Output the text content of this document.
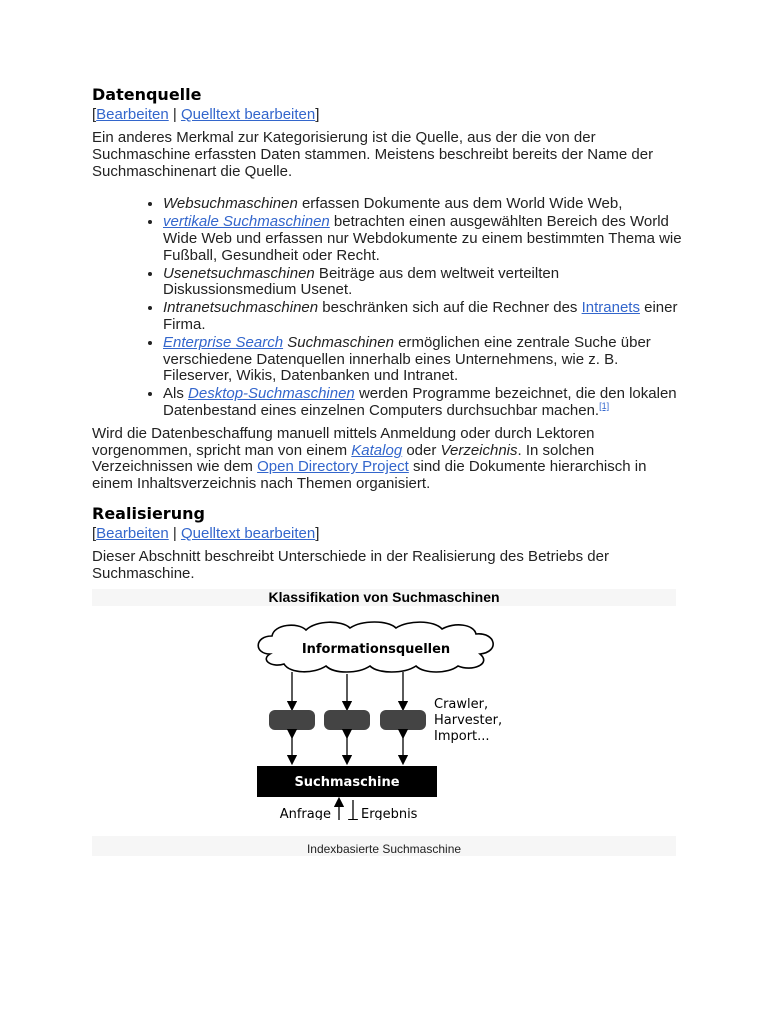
Datenquelle
[Bearbeiten | Quelltext bearbeiten]

Ein anderes Merkmal zur Kategorisierung ist die Quelle, aus der die von der Suchmaschine erfassten Daten stammen. Meistens beschreibt bereits der Name der Suchmaschinenart die Quelle.

• Websuchmaschinen erfassen Dokumente aus dem World Wide Web,
• vertikale Suchmaschinen betrachten einen ausgewählten Bereich des World Wide Web und erfassen nur Webdokumente zu einem bestimmten Thema wie Fußball, Gesundheit oder Recht.
• Usenetsuchmaschinen Beiträge aus dem weltweit verteilten Diskussionsmedium Usenet.
• Intranetsuchmaschinen beschränken sich auf die Rechner des Intranets einer Firma.
• Enterprise Search Suchmaschinen ermöglichen eine zentrale Suche über verschiedene Datenquellen innerhalb eines Unternehmens, wie z. B. Fileserver, Wikis, Datenbanken und Intranet.
• Als Desktop-Suchmaschinen werden Programme bezeichnet, die den lokalen Datenbestand eines einzelnen Computers durchsuchbar machen.[1]

Wird die Datenbeschaffung manuell mittels Anmeldung oder durch Lektoren vorgenommen, spricht man von einem Katalog oder Verzeichnis. In solchen Verzeichnissen wie dem Open Directory Project sind die Dokumente hierarchisch in einem Inhaltsverzeichnis nach Themen organisiert.

Realisierung
[Bearbeiten | Quelltext bearbeiten]

Dieser Abschnitt beschreibt Unterschiede in der Realisierung des Betriebs der Suchmaschine.

Klassifikation von Suchmaschinen
Informationsquellen
Crawler,
Harvester,
Import...
Suchmaschine
Anfrage Ergebnis
Indexbasierte Suchmaschine
